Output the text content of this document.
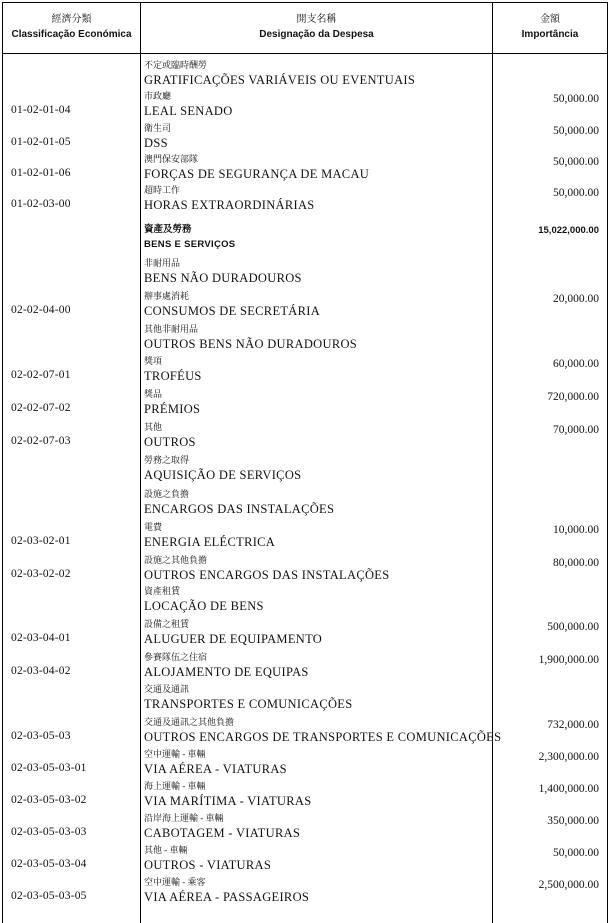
經濟分類
Classificação Económica
開支名稱
Designação da Despesa
金額
Importância
不定或臨時酬勞
GRATIFICAÇÕES VARIÁVEIS OU EVENTUAIS
01-02-01-04
市政廳
LEAL SENADO
50,000.00
01-02-01-05
衛生司
DSS
50,000.00
01-02-01-06
澳門保安部隊
FORÇAS DE SEGURANÇA DE MACAU
50,000.00
01-02-03-00
超時工作
HORAS EXTRAORDINÁRIAS
50,000.00
資產及勞務
BENS E SERVIÇOS
15,022,000.00
非耐用品
BENS NÃO DURADOUROS
02-02-04-00
辦事處消耗
CONSUMOS DE SECRETÁRIA
20,000.00
其他非耐用品
OUTROS BENS NÃO DURADOUROS
02-02-07-01
獎項
TROFÉUS
60,000.00
02-02-07-02
獎品
PRÉMIOS
720,000.00
02-02-07-03
其他
OUTROS
70,000.00
勞務之取得
AQUISIÇÃO DE SERVIÇOS
設施之負擔
ENCARGOS DAS INSTALAÇÕES
02-03-02-01
電費
ENERGIA ELÉCTRICA
10,000.00
02-03-02-02
設施之其他負擔
OUTROS ENCARGOS DAS INSTALAÇÕES
80,000.00
資產租賃
LOCAÇÃO DE BENS
02-03-04-01
設備之租賃
ALUGUER DE EQUIPAMENTO
500,000.00
02-03-04-02
參賽隊伍之住宿
ALOJAMENTO DE EQUIPAS
1,900,000.00
交通及通訊
TRANSPORTES E COMUNICAÇÕES
02-03-05-03
交通及通訊之其他負擔
OUTROS ENCARGOS DE TRANSPORTES E COMUNICAÇÕES
732,000.00
02-03-05-03-01
空中運輸 - 車輛
VIA AÉREA - VIATURAS
2,300,000.00
02-03-05-03-02
海上運輸 - 車輛
VIA MARÍTIMA - VIATURAS
1,400,000.00
02-03-05-03-03
沿岸海上運輸 - 車輛
CABOTAGEM - VIATURAS
350,000.00
02-03-05-03-04
其他 - 車輛
OUTROS - VIATURAS
50,000.00
02-03-05-03-05
空中運輸 - 乘客
VIA AÉREA - PASSAGEIROS
2,500,000.00
